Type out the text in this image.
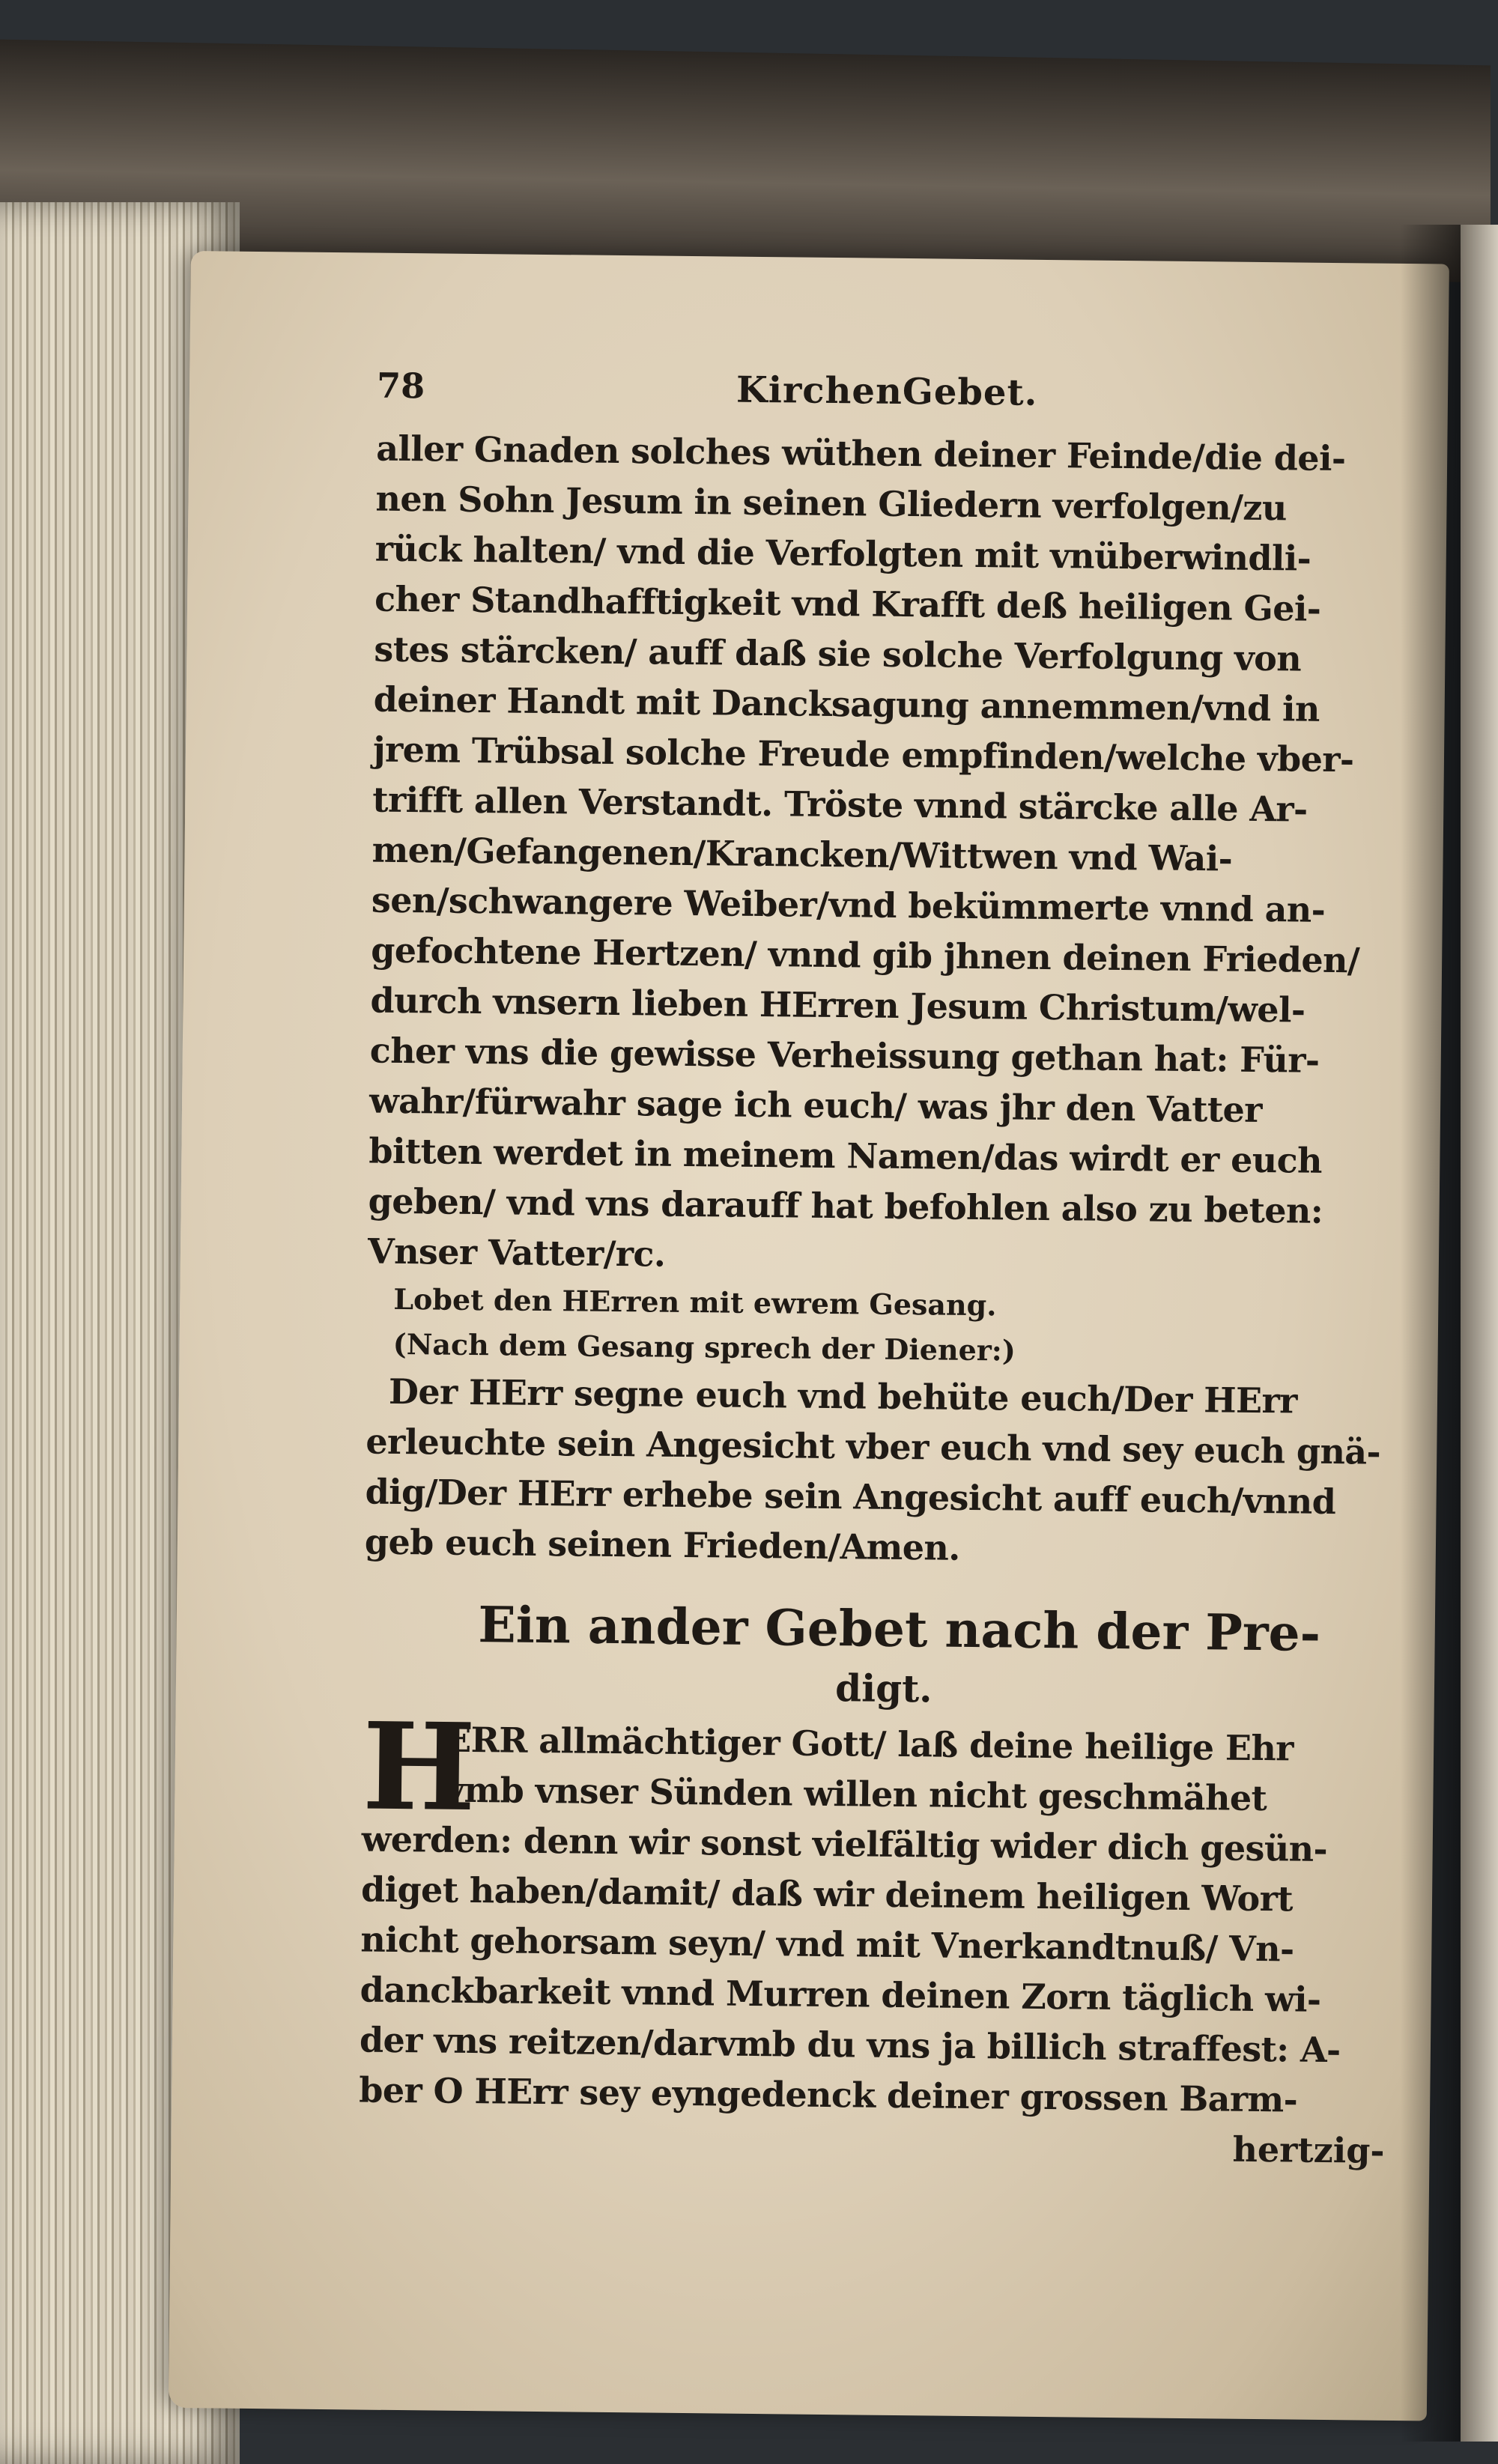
78	KirchenGebet.
aller Gnaden solches wüthen deiner Feinde/die dei-
nen Sohn Jesum in seinen Gliedern verfolgen/zu
rück halten/ vnd die Verfolgten mit vnüberwindli-
cher Standhafftigkeit vnd Krafft deß heiligen Gei-
stes stärcken/ auff daß sie solche Verfolgung von
deiner Handt mit Dancksagung annemmen/vnd in
jrem Trübsal solche Freude empfinden/welche vber-
trifft allen Verstandt. Tröste vnnd stärcke alle Ar-
men/Gefangenen/Krancken/Wittwen vnd Wai-
sen/schwangere Weiber/vnd bekümmerte vnnd an-
gefochtene Hertzen/ vnnd gib jhnen deinen Frieden/
durch vnsern lieben HErren Jesum Christum/wel-
cher vns die gewisse Verheissung gethan hat: Für-
wahr/fürwahr sage ich euch/ was jhr den Vatter
bitten werdet in meinem Namen/das wirdt er euch
geben/ vnd vns darauff hat befohlen also zu beten:
Vnser Vatter/rc.
Lobet den HErren mit ewrem Gesang.
(Nach dem Gesang sprech der Diener:)
Der HErr segne euch vnd behüte euch/Der HErr
erleuchte sein Angesicht vber euch vnd sey euch gnä-
dig/Der HErr erhebe sein Angesicht auff euch/vnnd
geb euch seinen Frieden/Amen.
Ein ander Gebet nach der Pre-
digt.
H
ERR allmächtiger Gott/ laß deine heilige Ehr
vmb vnser Sünden willen nicht geschmähet
werden: denn wir sonst vielfältig wider dich gesün-
diget haben/damit/ daß wir deinem heiligen Wort
nicht gehorsam seyn/ vnd mit Vnerkandtnuß/ Vn-
danckbarkeit vnnd Murren deinen Zorn täglich wi-
der vns reitzen/darvmb du vns ja billich straffest: A-
ber O HErr sey eyngedenck deiner grossen Barm-
hertzig-
